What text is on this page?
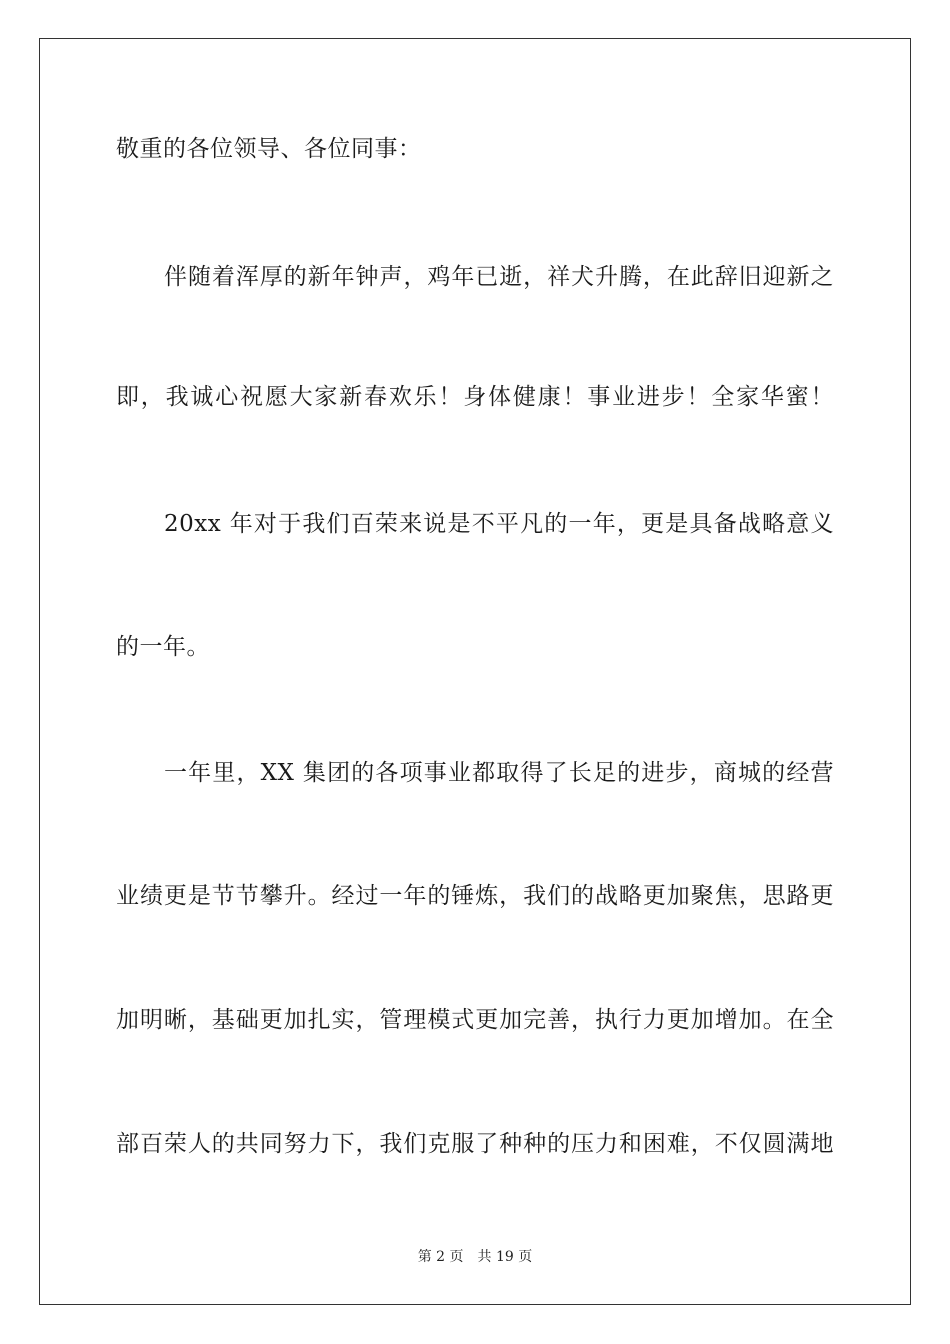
敬重的各位领导、各位同事：
伴随着浑厚的新年钟声，鸡年已逝，祥犬升腾，在此辞旧迎新之
即，我诚心祝愿大家新春欢乐！身体健康！事业进步！全家华蜜！
20xx 年对于我们百荣来说是不平凡的一年，更是具备战略意义
的一年。
一年里，XX 集团的各项事业都取得了长足的进步，商城的经营
业绩更是节节攀升。经过一年的锤炼，我们的战略更加聚焦，思路更
加明晰，基础更加扎实，管理模式更加完善，执行力更加增加。在全
部百荣人的共同努力下，我们克服了种种的压力和困难，不仅圆满地
第 2 页 共 19 页
